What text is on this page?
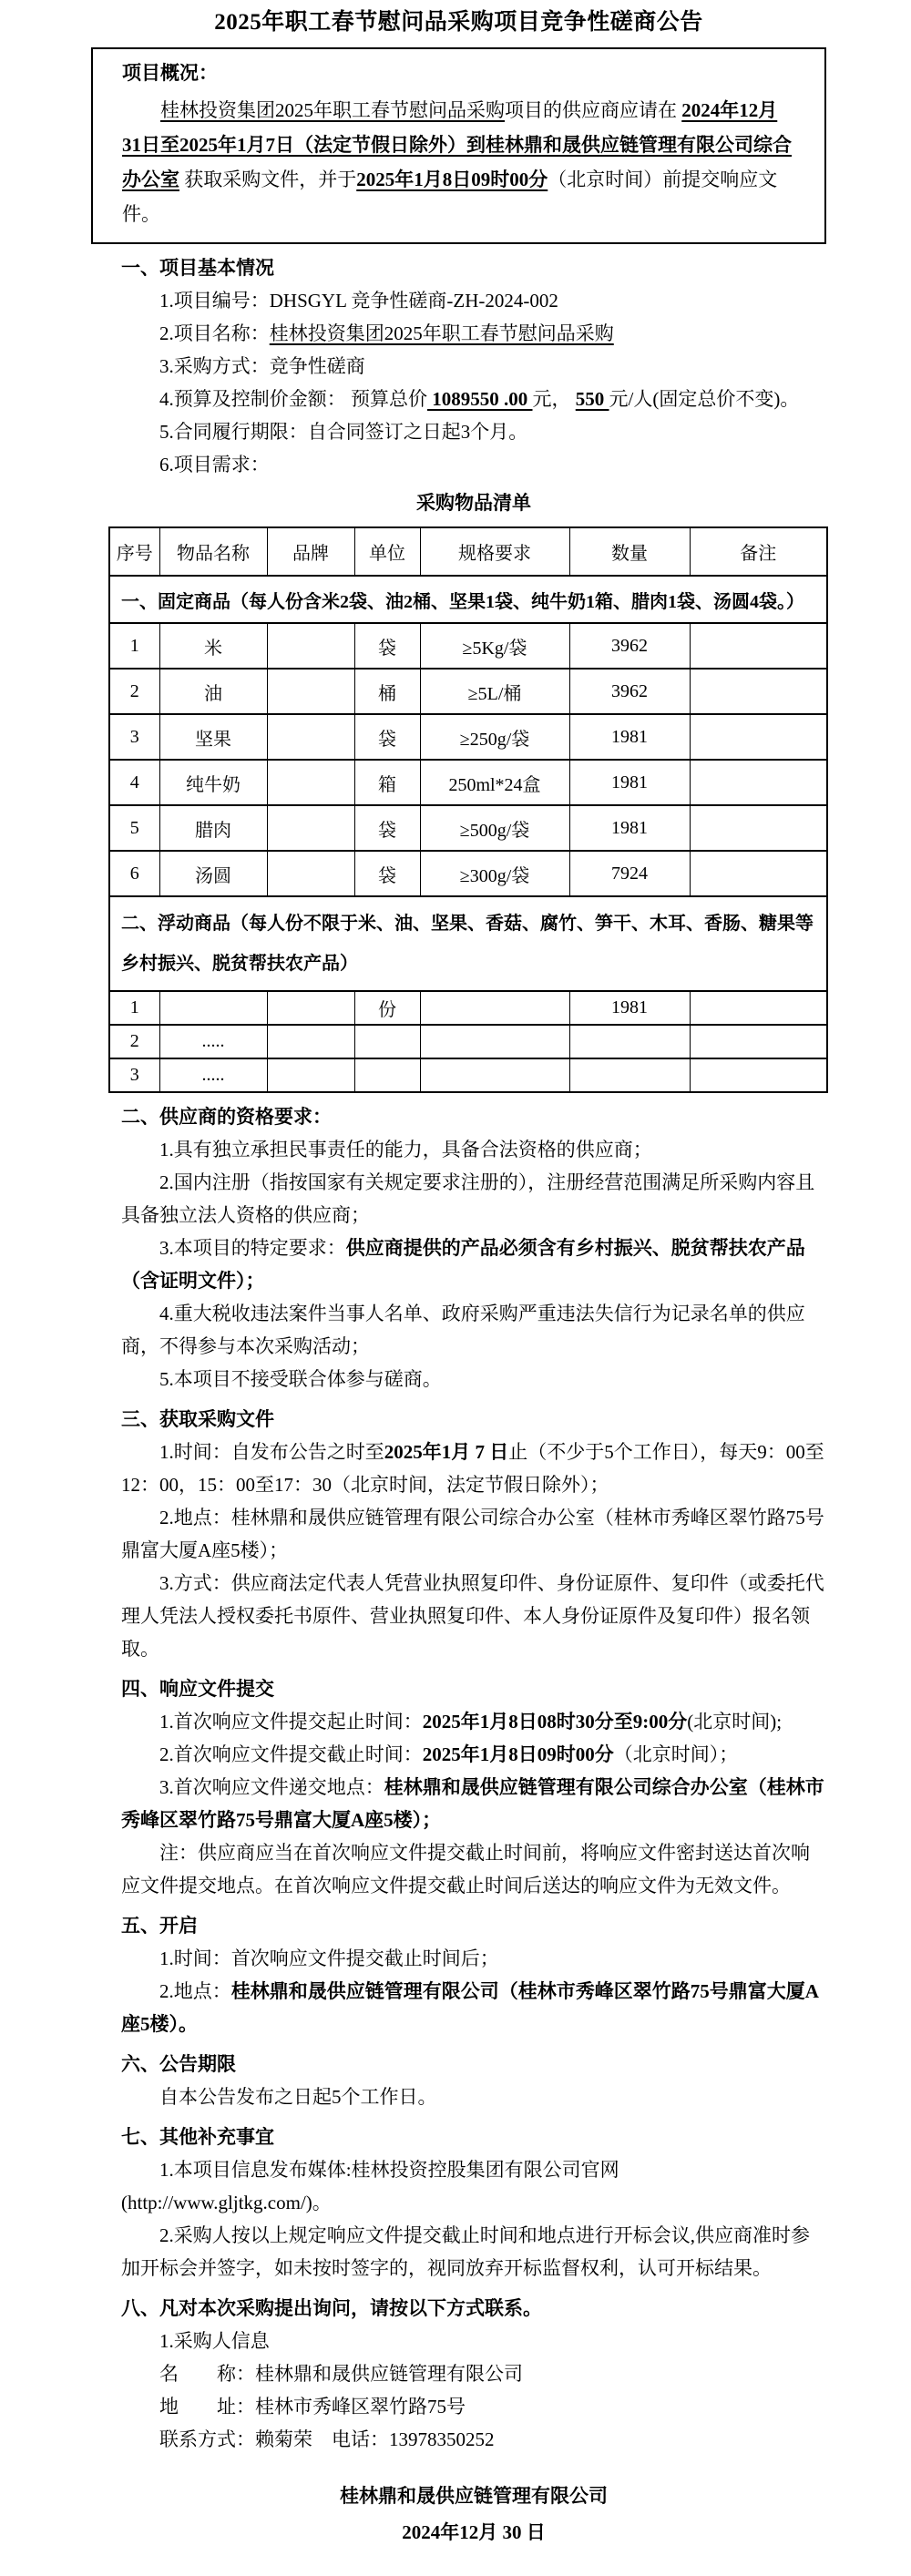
2025年职工春节慰问品采购项目竞争性磋商公告

项目概况：

桂林投资集团2025年职工春节慰问品采购项目的供应商应请在 2024年12月31日至2025年1月7日（法定节假日除外）到桂林鼎和晟供应链管理有限公司综合办公室 获取采购文件，并于2025年1月8日09时00分（北京时间）前提交响应文件。

一、项目基本情况

1.项目编号：DHSGYL 竞争性磋商-ZH-2024-002

2.项目名称：桂林投资集团2025年职工春节慰问品采购

3.采购方式：竞争性磋商

4.预算及控制价金额： 预算总价 1089550 .00 元， 550 元/人(固定总价不变)。

5.合同履行期限：自合同签订之日起3个月。

6.项目需求：

采购物品清单

序号	物品名称	品牌	单位	规格要求	数量	备注
一、固定商品（每人份含米2袋、油2桶、坚果1袋、纯牛奶1箱、腊肉1袋、汤圆4袋。）						
1	米		袋	≥5Kg/袋	3962	
2	油		桶	≥5L/桶	3962	
3	坚果		袋	≥250g/袋	1981	
4	纯牛奶		箱	250ml*24盒	1981	
5	腊肉		袋	≥500g/袋	1981	
6	汤圆		袋	≥300g/袋	7924	
二、浮动商品（每人份不限于米、油、坚果、香菇、腐竹、笋干、木耳、香肠、糖果等乡村振兴、脱贫帮扶农产品）						
1			份		1981	
2	.....					
3	.....					
二、供应商的资格要求：

1.具有独立承担民事责任的能力，具备合法资格的供应商；

2.国内注册（指按国家有关规定要求注册的），注册经营范围满足所采购内容且具备独立法人资格的供应商；

3.本项目的特定要求：供应商提供的产品必须含有乡村振兴、脱贫帮扶农产品（含证明文件）；

4.重大税收违法案件当事人名单、政府采购严重违法失信行为记录名单的供应商，不得参与本次采购活动；

5.本项目不接受联合体参与磋商。

三、获取采购文件

1.时间：自发布公告之时至2025年1月 7 日止（不少于5个工作日），每天9：00至12：00，15：00至17：30（北京时间，法定节假日除外）；

2.地点：桂林鼎和晟供应链管理有限公司综合办公室（桂林市秀峰区翠竹路75号鼎富大厦A座5楼）；

3.方式：供应商法定代表人凭营业执照复印件、身份证原件、复印件（或委托代理人凭法人授权委托书原件、营业执照复印件、本人身份证原件及复印件）报名领取。

四、响应文件提交

1.首次响应文件提交起止时间：2025年1月8日08时30分至9:00分(北京时间);

2.首次响应文件提交截止时间：2025年1月8日09时00分（北京时间）；

3.首次响应文件递交地点：桂林鼎和晟供应链管理有限公司综合办公室（桂林市秀峰区翠竹路75号鼎富大厦A座5楼）；

注：供应商应当在首次响应文件提交截止时间前，将响应文件密封送达首次响应文件提交地点。在首次响应文件提交截止时间后送达的响应文件为无效文件。

五、开启

1.时间：首次响应文件提交截止时间后；

2.地点：桂林鼎和晟供应链管理有限公司（桂林市秀峰区翠竹路75号鼎富大厦A座5楼）。

六、公告期限

自本公告发布之日起5个工作日。

七、其他补充事宜

1.本项目信息发布媒体:桂林投资控股集团有限公司官网(http://www.gljtkg.com/)。

2.采购人按以上规定响应文件提交截止时间和地点进行开标会议,供应商准时参加开标会并签字，如未按时签字的，视同放弃开标监督权利，认可开标结果。

八、凡对本次采购提出询问，请按以下方式联系。

1.采购人信息

名　　称：桂林鼎和晟供应链管理有限公司

地　　址：桂林市秀峰区翠竹路75号

联系方式：赖菊荣　电话：13978350252

桂林鼎和晟供应链管理有限公司

2024年12月 30 日
